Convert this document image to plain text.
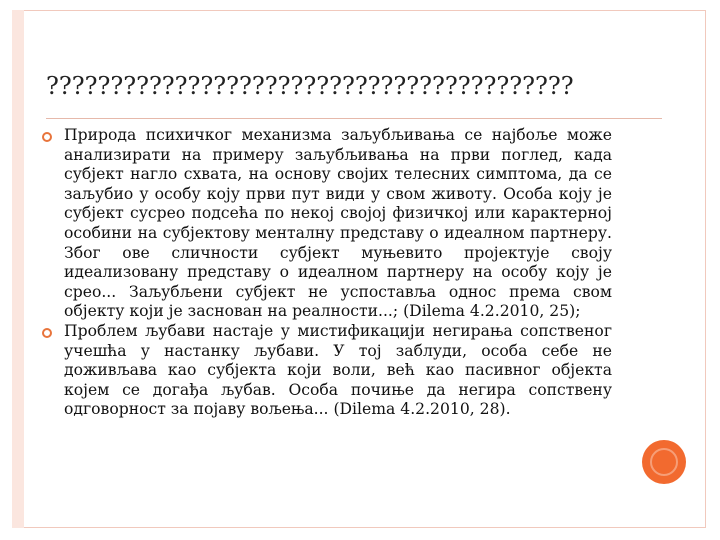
?????????????????????????????????????????
Природа психичког механизма заљубљивања се најбоље може анализирати на примеру заљубљивања на први поглед, када субјект нагло схвата, на основу својих телесних симптома, да се заљубио у особу коју први пут види у свом животу. Особа коју је субјект сусрео подсећа по некој својој физичкој или карактерној особини на субјектову менталну представу о идеалном партнеру. Због ове сличности субјект муњевито пројектује своју идеализовану представу о идеалном партнеру на особу коју је срео... Заљубљени субјект не успоставља однос према свом објекту који је заснован на реалности...; (Dilema 4.2.2010, 25);
Проблем љубави настаје у мистификацији негирања сопственог учешћа у настанку љубави. У тој заблуди, особа себе не доживљава као субјекта који воли, већ као пасивног објекта којем се догађа љубав. Особа почиње да негира сопствену одговорност за појаву вољења... (Dilema 4.2.2010, 28).
